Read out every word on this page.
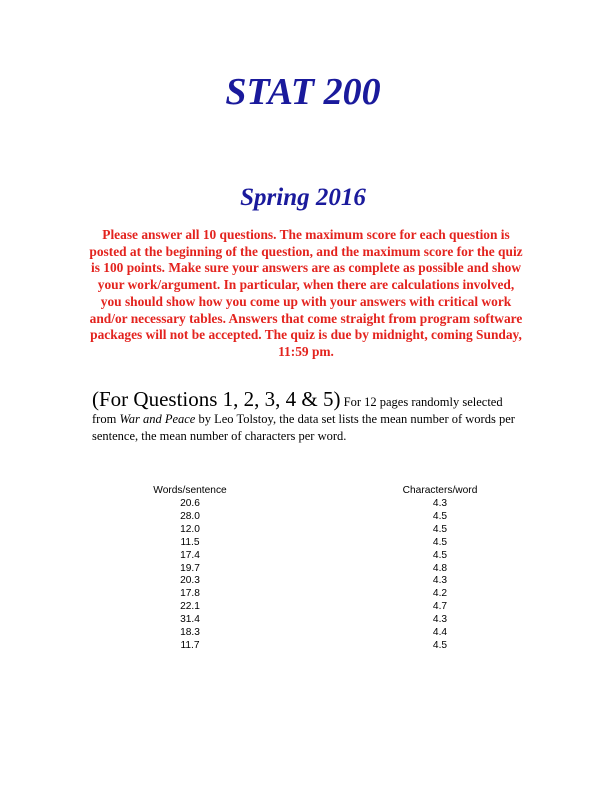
STAT 200
Spring 2016

Please answer all 10 questions. The maximum score for each question is posted at the beginning of the question, and the maximum score for the quiz is 100 points. Make sure your answers are as complete as possible and show your work/argument. In particular, when there are calculations involved, you should show how you come up with your answers with critical work and/or necessary tables. Answers that come straight from program software packages will not be accepted. The quiz is due by midnight, coming Sunday, 11:59 pm.

(For Questions 1, 2, 3, 4 & 5) For 12 pages randomly selected from War and Peace by Leo Tolstoy, the data set lists the mean number of words per sentence, the mean number of characters per word.

Words/sentence		Characters/word
20.6		4.3
28.0		4.5
12.0		4.5
11.5		4.5
17.4		4.5
19.7		4.8
20.3		4.3
17.8		4.2
22.1		4.7
31.4		4.3
18.3		4.4
11.7		4.5
